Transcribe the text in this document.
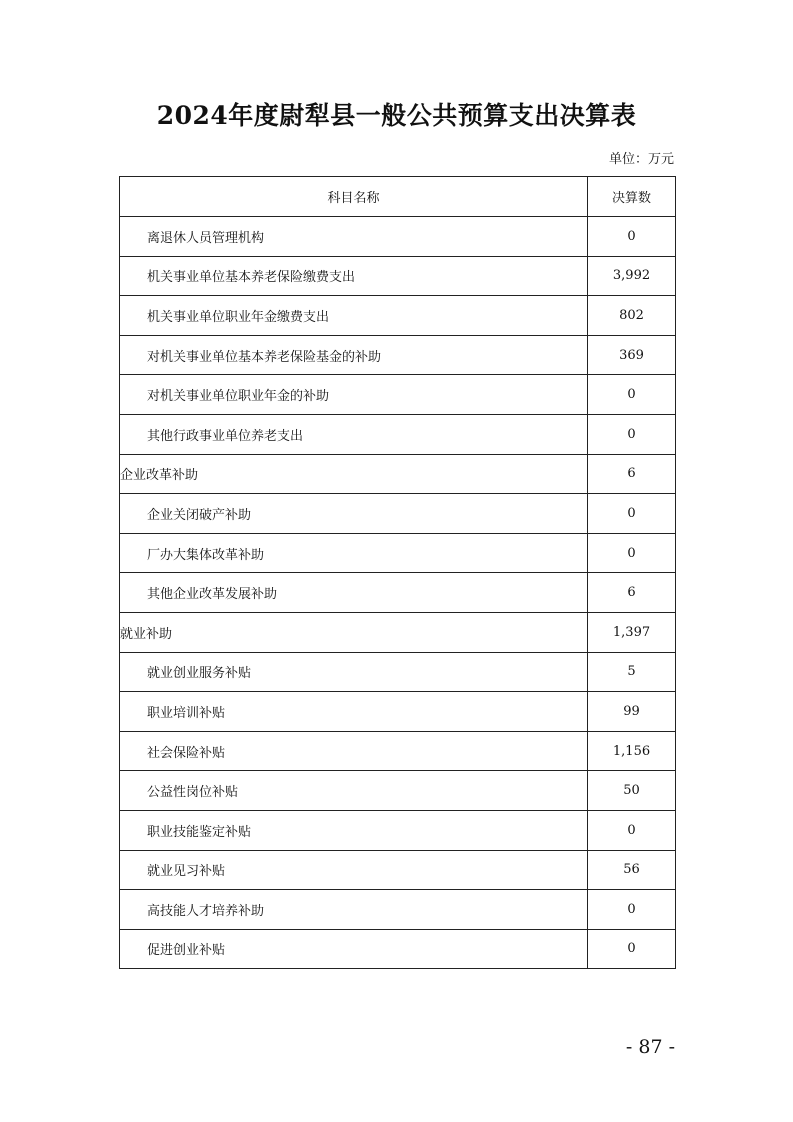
2024年度尉犁县一般公共预算支出决算表
单位：万元
科目名称	决算数
离退休人员管理机构	0
机关事业单位基本养老保险缴费支出	3,992
机关事业单位职业年金缴费支出	802
对机关事业单位基本养老保险基金的补助	369
对机关事业单位职业年金的补助	0
其他行政事业单位养老支出	0
企业改革补助	6
企业关闭破产补助	0
厂办大集体改革补助	0
其他企业改革发展补助	6
就业补助	1,397
就业创业服务补贴	5
职业培训补贴	99
社会保险补贴	1,156
公益性岗位补贴	50
职业技能鉴定补贴	0
就业见习补贴	56
高技能人才培养补助	0
促进创业补贴	0
- 87 -
